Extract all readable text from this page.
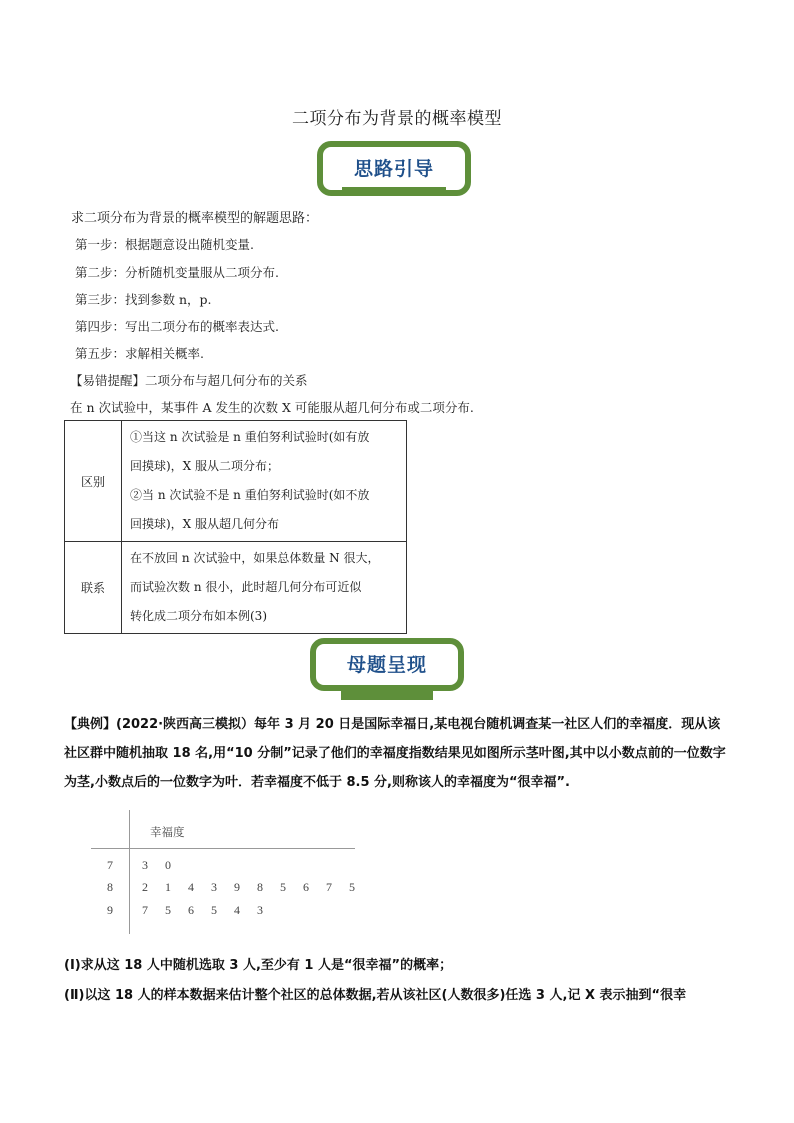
二项分布为背景的概率模型
思路引导
求二项分布为背景的概率模型的解题思路：
第一步：根据题意设出随机变量.
第二步：分析随机变量服从二项分布.
第三步：找到参数 n，p.
第四步：写出二项分布的概率表达式.
第五步：求解相关概率.
【易错提醒】二项分布与超几何分布的关系
在 n 次试验中，某事件 A 发生的次数 X 可能服从超几何分布或二项分布.
区别	①当这 n 次试验是 n 重伯努利试验时(如有放
回摸球)，X 服从二项分布；
②当 n 次试验不是 n 重伯努利试验时(如不放
回摸球)，X 服从超几何分布

联系	在不放回 n 次试验中，如果总体数量 N 很大，
而试验次数 n 很小，此时超几何分布可近似
转化成二项分布如本例(3)
母题呈现
【典例】(2022·陕西高三模拟）每年 3 月 20 日是国际幸福日,某电视台随机调查某一社区人们的幸福度．现从该社区群中随机抽取 18 名,用“10 分制”记录了他们的幸福度指数结果见如图所示茎叶图,其中以小数点前的一位数字为茎,小数点后的一位数字为叶．若幸福度不低于 8.5 分,则称该人的幸福度为“很幸福”.
幸福度
7	3 0
8	2 1 4 3 9 8 5 6 7 5
9	7 5 6 5 4 3
(Ⅰ)求从这 18 人中随机选取 3 人,至少有 1 人是“很幸福”的概率；
(Ⅱ)以这 18 人的样本数据来估计整个社区的总体数据,若从该社区(人数很多)任选 3 人,记 X 表示抽到“很幸
